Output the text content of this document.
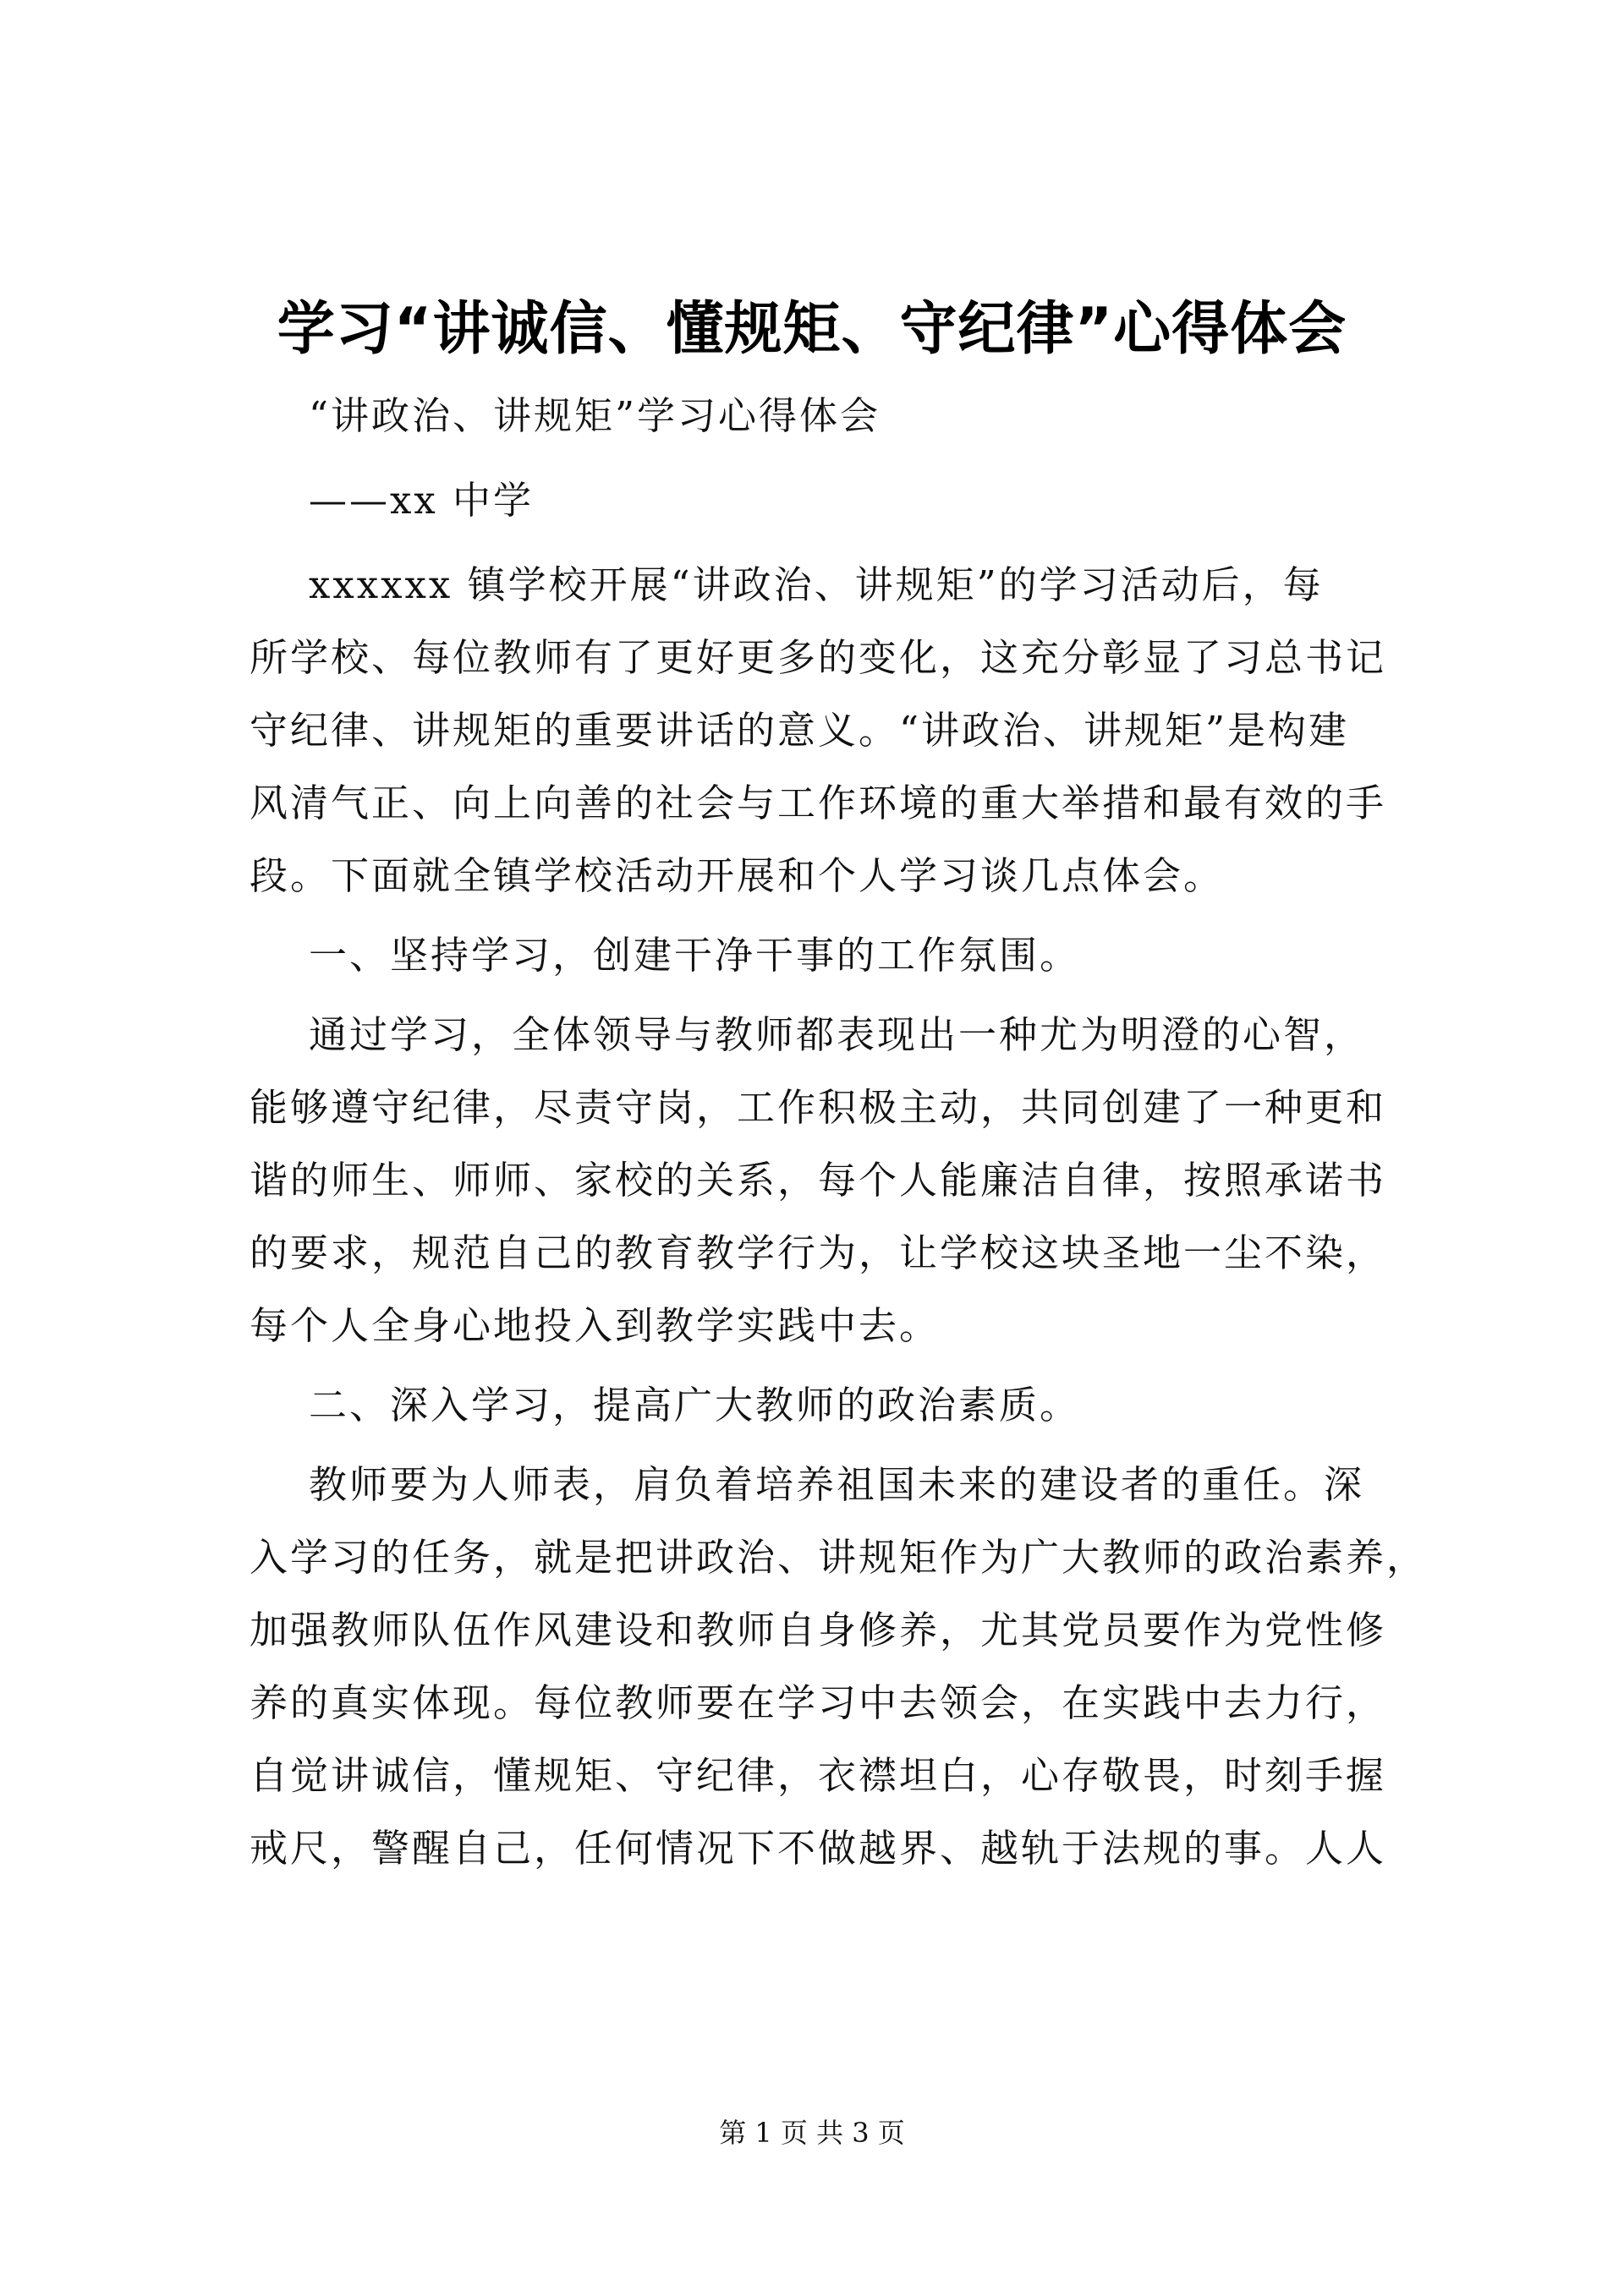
学习“讲诚信、懂规矩、守纪律”心得体会
“讲政治、讲规矩”学习心得体会
——xx 中学
xxxxxx 镇学校开展“讲政治、讲规矩”的学习活动后，每
所学校、每位教师有了更好更多的变化，这充分彰显了习总书记
守纪律、讲规矩的重要讲话的意义。“讲政治、讲规矩”是构建
风清气正、向上向善的社会与工作环境的重大举措和最有效的手
段。下面就全镇学校活动开展和个人学习谈几点体会。
一、坚持学习，创建干净干事的工作氛围。
通过学习，全体领导与教师都表现出一种尤为明澄的心智，
能够遵守纪律，尽责守岗，工作积极主动，共同创建了一种更和
谐的师生、师师、家校的关系，每个人能廉洁自律，按照承诺书
的要求，规范自己的教育教学行为，让学校这块圣地一尘不染，
每个人全身心地投入到教学实践中去。
二、深入学习，提高广大教师的政治素质。
教师要为人师表，肩负着培养祖国未来的建设者的重任。深
入学习的任务，就是把讲政治、讲规矩作为广大教师的政治素养，
加强教师队伍作风建设和教师自身修养，尤其党员要作为党性修
养的真实体现。每位教师要在学习中去领会，在实践中去力行，
自觉讲诚信，懂规矩、守纪律，衣襟坦白，心存敬畏，时刻手握
戒尺，警醒自己，任何情况下不做越界、越轨于法规的事。人人
第 1 页 共 3 页
